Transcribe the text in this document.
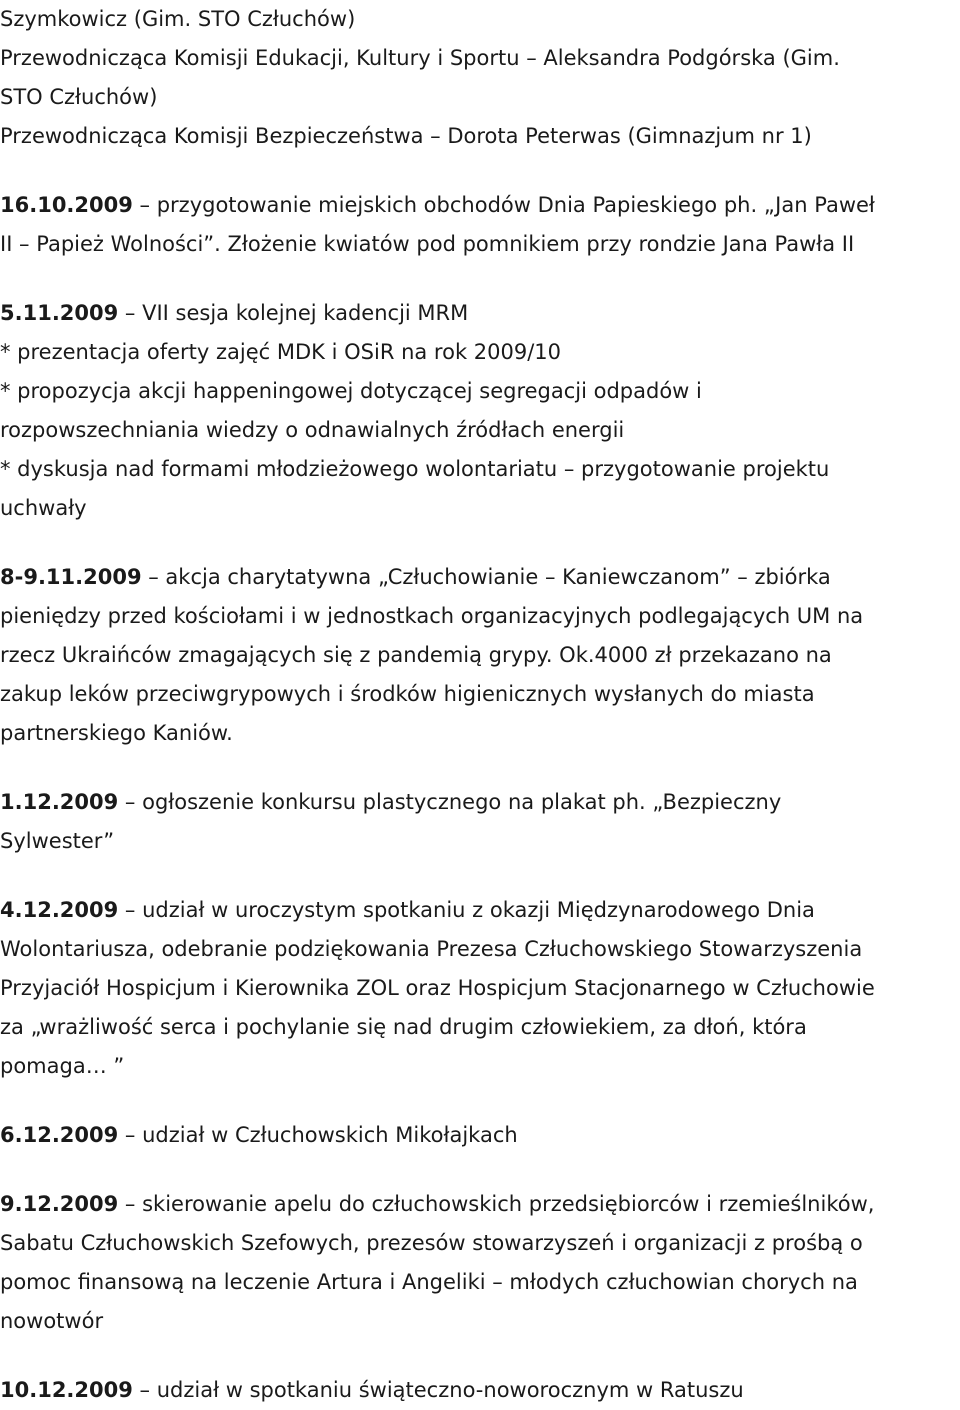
Szymkowicz (Gim. STO Człuchów)
Przewodnicząca Komisji Edukacji, Kultury i Sportu – Aleksandra Podgórska (Gim.
STO Człuchów)
Przewodnicząca Komisji Bezpieczeństwa – Dorota Peterwas (Gimnazjum nr 1)
16.10.2009 – przygotowanie miejskich obchodów Dnia Papieskiego ph. „Jan Paweł
II – Papież Wolności”. Złożenie kwiatów pod pomnikiem przy rondzie Jana Pawła II
5.11.2009 – VII sesja kolejnej kadencji MRM
* prezentacja oferty zajęć MDK i OSiR na rok 2009/10
* propozycja akcji happeningowej dotyczącej segregacji odpadów i
rozpowszechniania wiedzy o odnawialnych źródłach energii
* dyskusja nad formami młodzieżowego wolontariatu – przygotowanie projektu
uchwały
8-9.11.2009 – akcja charytatywna „Człuchowianie – Kaniewczanom” – zbiórka
pieniędzy przed kościołami i w jednostkach organizacyjnych podlegających UM na
rzecz Ukraińców zmagających się z pandemią grypy. Ok.4000 zł przekazano na
zakup leków przeciwgrypowych i środków higienicznych wysłanych do miasta
partnerskiego Kaniów.
1.12.2009 – ogłoszenie konkursu plastycznego na plakat ph. „Bezpieczny
Sylwester”
4.12.2009 – udział w uroczystym spotkaniu z okazji Międzynarodowego Dnia
Wolontariusza, odebranie podziękowania Prezesa Człuchowskiego Stowarzyszenia
Przyjaciół Hospicjum i Kierownika ZOL oraz Hospicjum Stacjonarnego w Człuchowie
za „wrażliwość serca i pochylanie się nad drugim człowiekiem, za dłoń, która
pomaga… ”
6.12.2009 – udział w Człuchowskich Mikołajkach
9.12.2009 – skierowanie apelu do człuchowskich przedsiębiorców i rzemieślników,
Sabatu Człuchowskich Szefowych, prezesów stowarzyszeń i organizacji z prośbą o
pomoc finansową na leczenie Artura i Angeliki – młodych człuchowian chorych na
nowotwór
10.12.2009 – udział w spotkaniu świąteczno-noworocznym w Ratuszu
